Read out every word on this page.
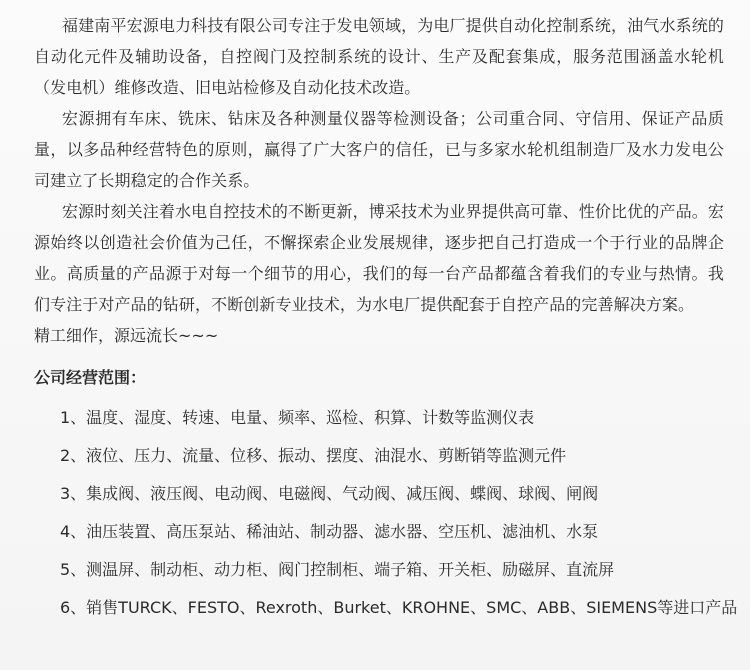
福建南平宏源电力科技有限公司专注于发电领域，为电厂提供自动化控制系统，油气水系统的自动化元件及辅助设备，自控阀门及控制系统的设计、生产及配套集成，服务范围涵盖水轮机（发电机）维修改造、旧电站检修及自动化技术改造。

宏源拥有车床、铣床、钻床及各种测量仪器等检测设备；公司重合同、守信用、保证产品质量，以多品种经营特色的原则，赢得了广大客户的信任，已与多家水轮机组制造厂及水力发电公司建立了长期稳定的合作关系。

宏源时刻关注着水电自控技术的不断更新，博采技术为业界提供高可靠、性价比优的产品。宏源始终以创造社会价值为己任，不懈探索企业发展规律，逐步把自己打造成一个于行业的品牌企业。高质量的产品源于对每一个细节的用心，我们的每一台产品都蕴含着我们的专业与热情。我们专注于对产品的钻研，不断创新专业技术，为水电厂提供配套于自控产品的完善解决方案。

精工细作，源远流长~~~

公司经营范围：
1、温度、湿度、转速、电量、频率、巡检、积算、计数等监测仪表
2、液位、压力、流量、位移、振动、摆度、油混水、剪断销等监测元件
3、集成阀、液压阀、电动阀、电磁阀、气动阀、减压阀、蝶阀、球阀、闸阀
4、油压装置、高压泵站、稀油站、制动器、滤水器、空压机、滤油机、水泵
5、测温屏、制动柜、动力柜、阀门控制柜、端子箱、开关柜、励磁屏、直流屏
6、销售TURCK、FESTO、Rexroth、Burket、KROHNE、SMC、ABB、SIEMENS等进口产品
